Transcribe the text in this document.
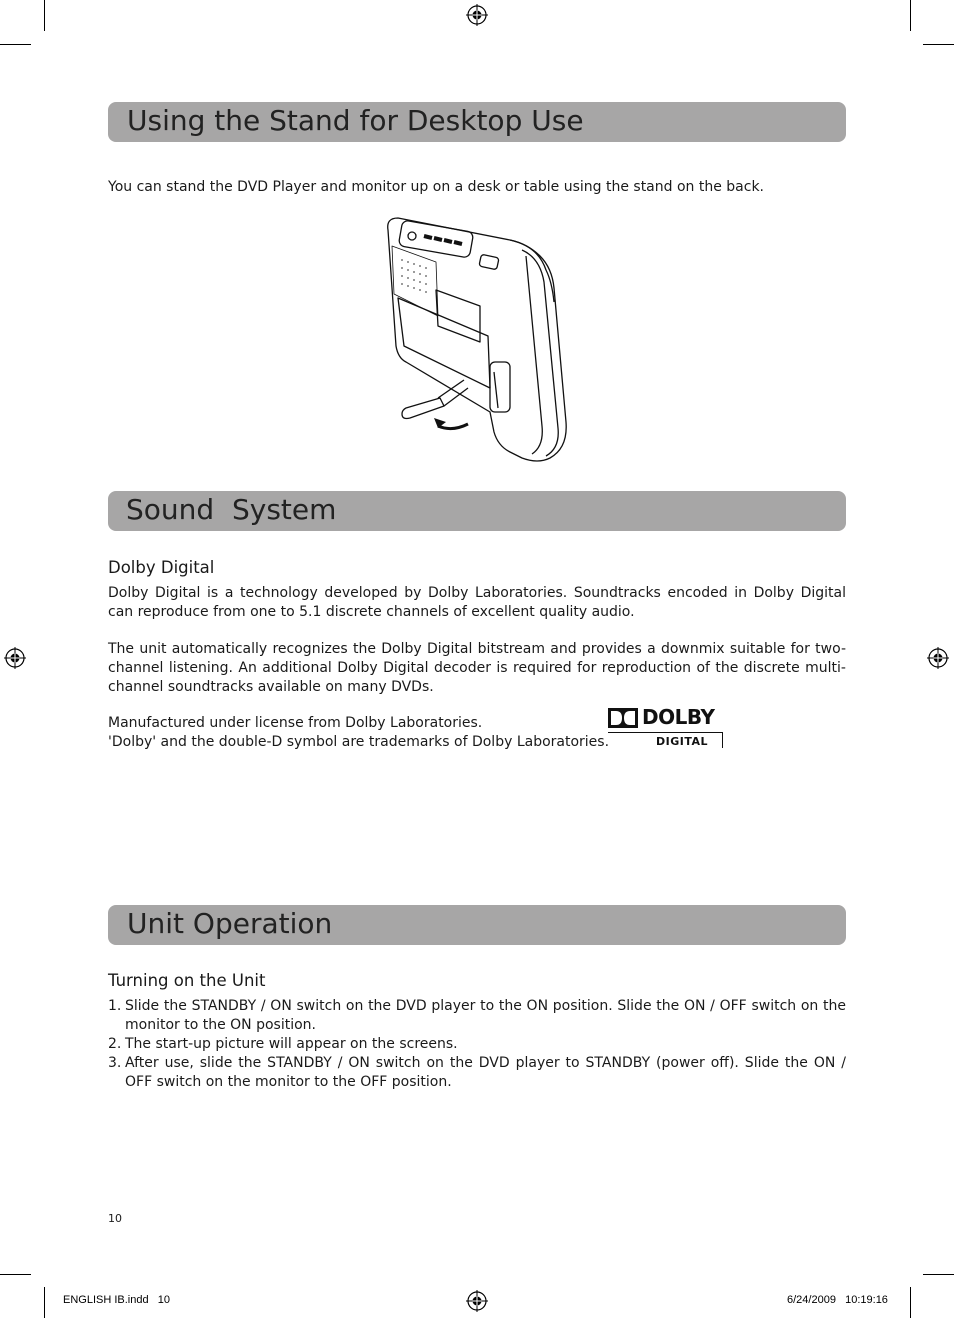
Using the Stand for Desktop Use
You can stand the DVD Player and monitor up on a desk or table using the stand on the back.
Sound  System
Dolby Digital
Dolby Digital is a technology developed by Dolby Laboratories. Soundtracks encoded in Dolby Digital can reproduce from one to 5.1 discrete channels of excellent quality audio.
The unit automatically recognizes the Dolby Digital bitstream and provides a downmix suitable for two-channel listening. An additional Dolby Digital decoder is required for reproduction of the discrete multi-channel soundtracks available on many DVDs.
Manufactured under license from Dolby Laboratories.
'Dolby' and the double-D symbol are trademarks of Dolby Laboratories.
DOLBY
DIGITAL
Unit Operation
Turning on the Unit
1. Slide the STANDBY / ON switch on the DVD player to the ON position. Slide the ON / OFF switch on the monitor to the ON position.
2. The start-up picture will appear on the screens.
3. After use, slide the STANDBY / ON switch on the DVD player to STANDBY (power off). Slide the ON / OFF switch on the monitor to the OFF position.
10
ENGLISH IB.indd   10	6/24/2009   10:19:16
